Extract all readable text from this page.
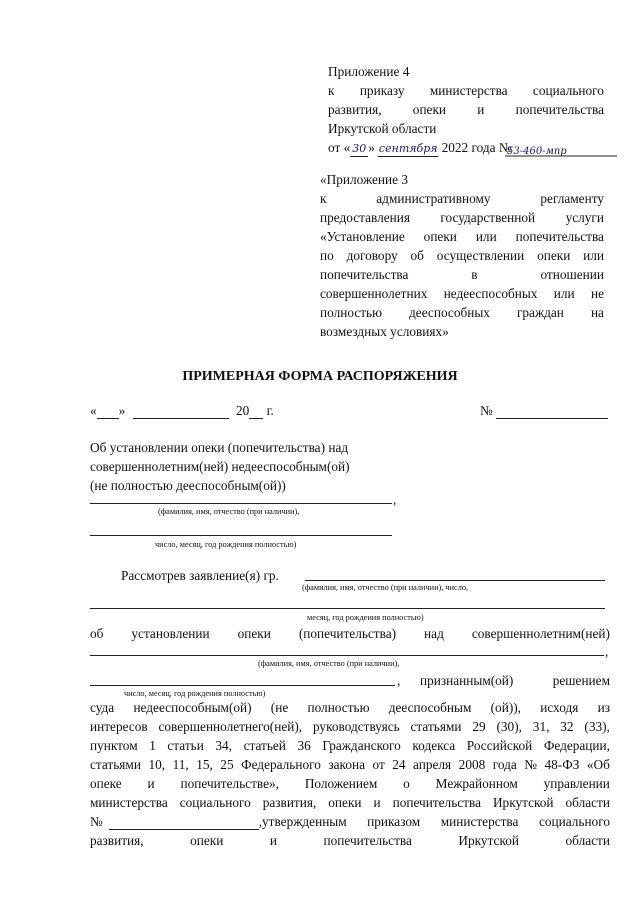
Приложение 4
к приказу министерства социального
развития, опеки и попечительства
Иркутской области
от « 30 » сентября 2022 года №
53-460-мпр
«Приложение 3
к	административному	регламенту
предоставления государственной услуги
«Установление опеки или попечительства
по договору об осуществлении опеки или
попечительства	в	отношении
совершеннолетних недееспособных или не
полностью дееспособных граждан на
возмездных условиях»
ПРИМЕРНАЯ ФОРМА РАСПОРЯЖЕНИЯ
« »	20 г.	№
Об установлении опеки (попечительства) над
совершеннолетним(ней) недееспособным(ой)
(не полностью дееспособным(ой))
,
(фамилия, имя, отчество (при наличии),
число, месяц, год рождения полностью)
Рассмотрев заявление(я) гр.
(фамилия, имя, отчество (при наличии), число,
месяц, год рождения полностью)
об установлении опеки (попечительства) над совершеннолетним(ней)
,
(фамилия, имя, отчество (при наличии),
, признанным(ой)	решением
число, месяц, год рождения полностью)
суда недееспособным(ой) (не полностью дееспособным (ой)), исходя из
интересов совершеннолетнего(ней), руководствуясь статьями 29 (30), 31, 32 (33),
пунктом 1 статьи 34, статьей 36 Гражданского кодекса Российской Федерации,
статьями 10, 11, 15, 25 Федерального закона от 24 апреля 2008 года № 48-ФЗ «Об
опеке и попечительстве», Положением о Межрайонном управлении
министерства социального развития, опеки и попечительства Иркутской области
№
	,утвержденным приказом министерства социального
развития,	опеки	и	попечительства	Иркутской	области
